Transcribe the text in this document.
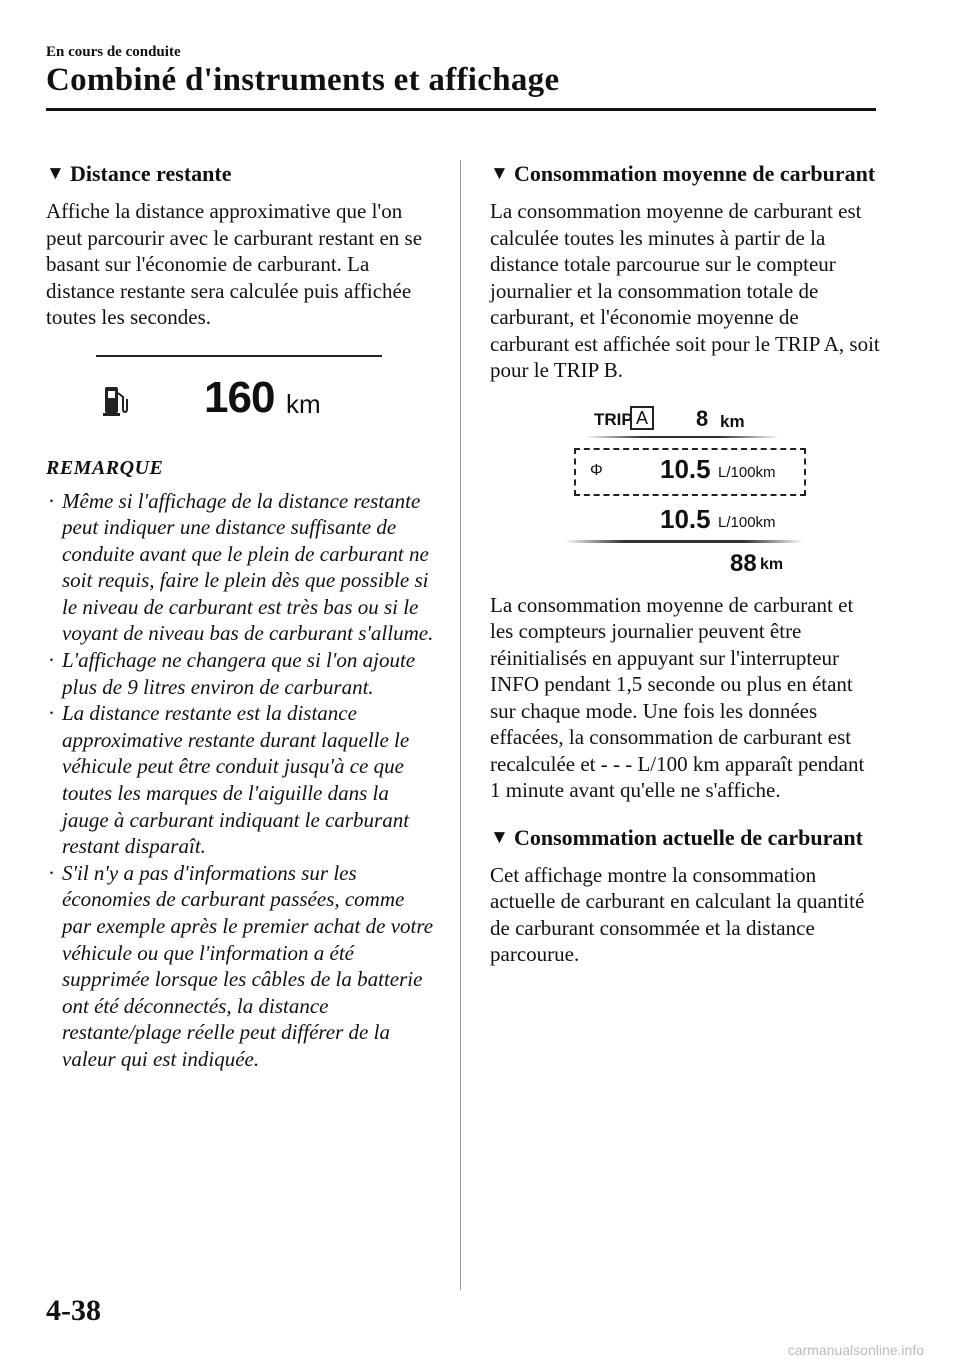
En cours de conduite
Combiné d'instruments et affichage
▼ Distance restante

Affiche la distance approximative que l'on peut parcourir avec le carburant restant en se basant sur l'économie de carburant. La distance restante sera calculée puis affichée toutes les secondes.

160 km
REMARQUE
· Même si l'affichage de la distance restante peut indiquer une distance suffisante de conduite avant que le plein de carburant ne soit requis, faire le plein dès que possible si le niveau de carburant est très bas ou si le voyant de niveau bas de carburant s'allume.
· L'affichage ne changera que si l'on ajoute plus de 9 litres environ de carburant.
· La distance restante est la distance approximative restante durant laquelle le véhicule peut être conduit jusqu'à ce que toutes les marques de l'aiguille dans la jauge à carburant indiquant le carburant restant disparaît.
· S'il n'y a pas d'informations sur les économies de carburant passées, comme par exemple après le premier achat de votre véhicule ou que l'information a été supprimée lorsque les câbles de la batterie ont été déconnectés, la distance restante/plage réelle peut différer de la valeur qui est indiquée.
▼ Consommation moyenne de carburant

La consommation moyenne de carburant est calculée toutes les minutes à partir de la distance totale parcourue sur le compteur journalier et la consommation totale de carburant, et l'économie moyenne de carburant est affichée soit pour le TRIP A, soit pour le TRIP B.

TRIP A 8 km
Φ 10.5 L/100km
10.5 L/100km
88 km

La consommation moyenne de carburant et les compteurs journalier peuvent être réinitialisés en appuyant sur l'interrupteur INFO pendant 1,5 seconde ou plus en étant sur chaque mode. Une fois les données effacées, la consommation de carburant est recalculée et - - - L/100 km apparaît pendant 1 minute avant qu'elle ne s'affiche.

▼ Consommation actuelle de carburant

Cet affichage montre la consommation actuelle de carburant en calculant la quantité de carburant consommée et la distance parcourue.

4-38
carmanualsonline.info
